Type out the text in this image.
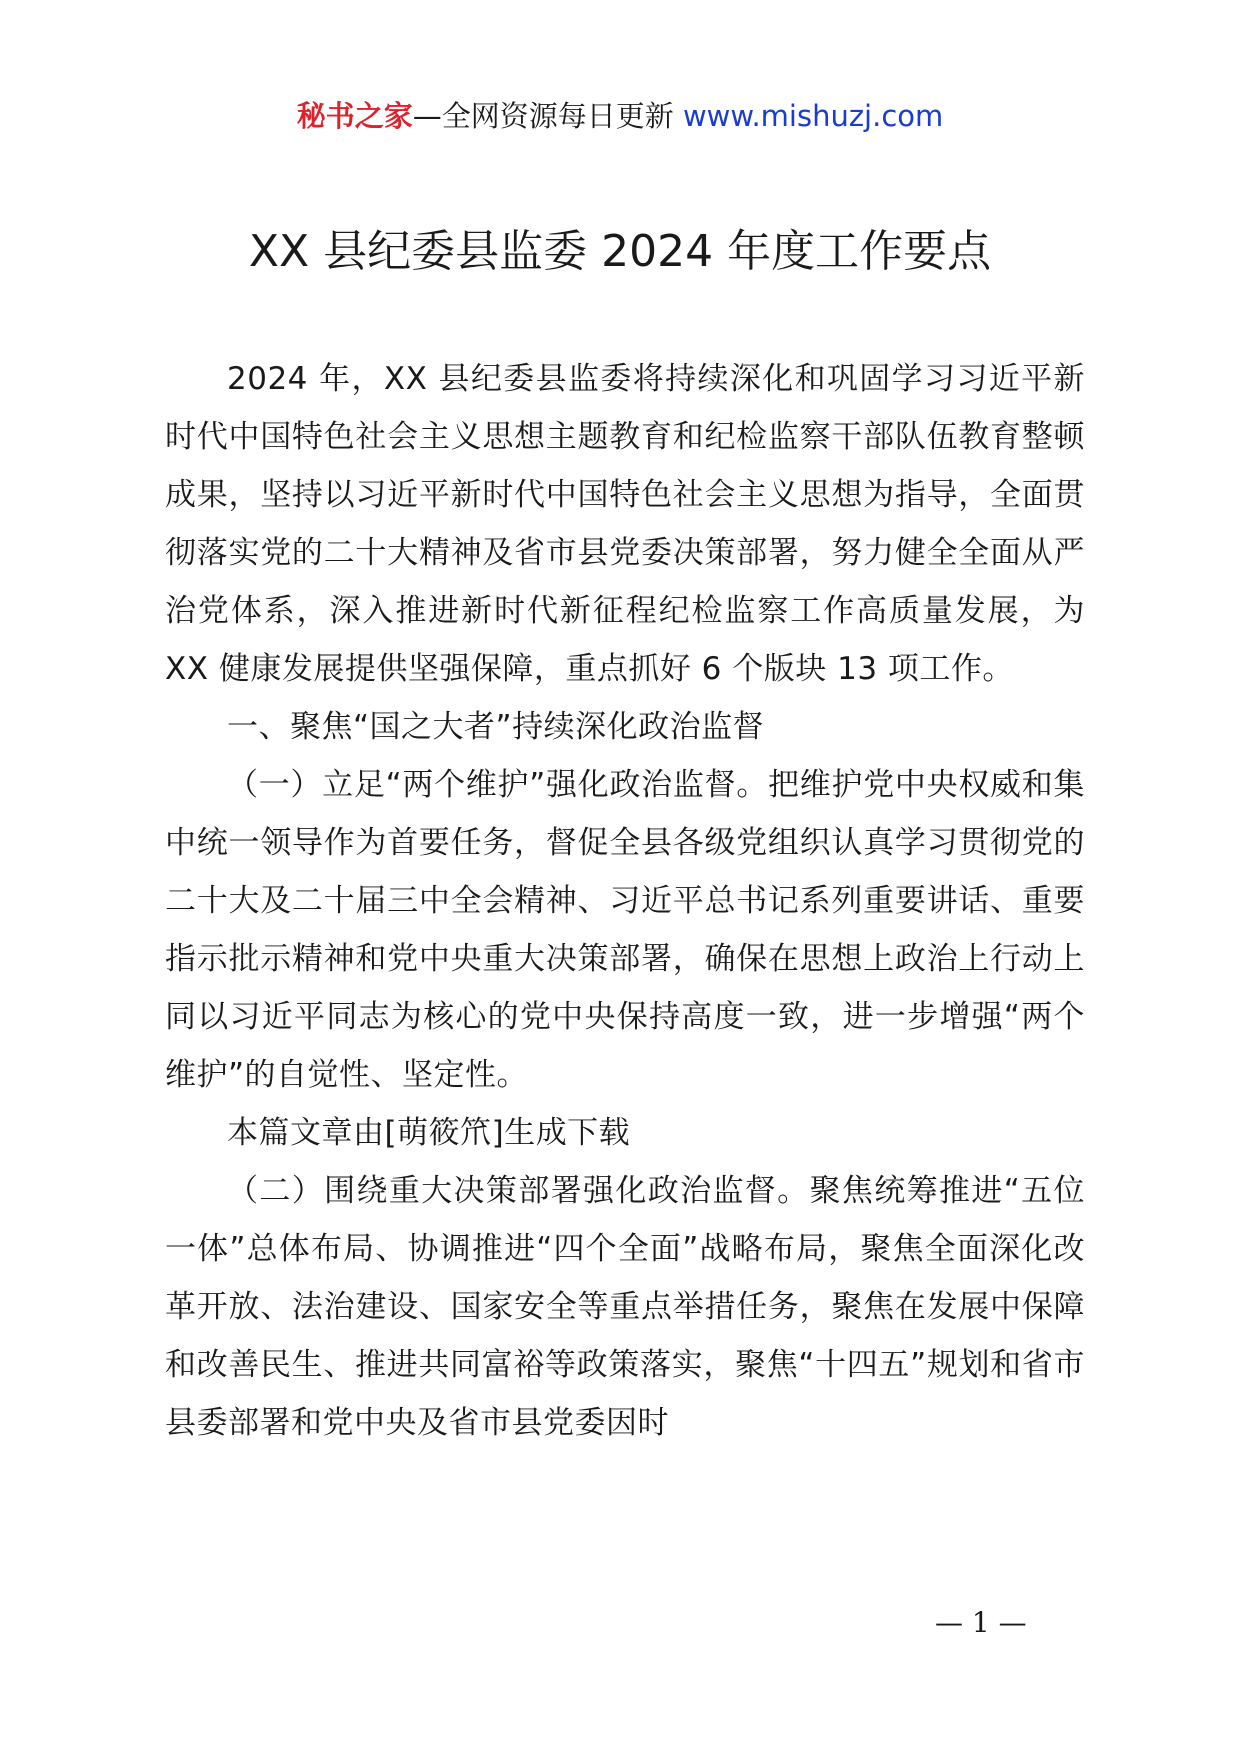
秘书之家—全网资源每日更新 www.mishuzj.com
XX 县纪委县监委 2024 年度工作要点

2024 年，XX 县纪委县监委将持续深化和巩固学习习近平新时代中国特色社会主义思想主题教育和纪检监察干部队伍教育整顿成果，坚持以习近平新时代中国特色社会主义思想为指导，全面贯彻落实党的二十大精神及省市县党委决策部署，努力健全全面从严治党体系，深入推进新时代新征程纪检监察工作高质量发展，为 XX 健康发展提供坚强保障，重点抓好 6 个版块 13 项工作。

一、聚焦“国之大者”持续深化政治监督

（一）立足“两个维护”强化政治监督。把维护党中央权威和集中统一领导作为首要任务，督促全县各级党组织认真学习贯彻党的二十大及二十届三中全会精神、习近平总书记系列重要讲话、重要指示批示精神和党中央重大决策部署，确保在思想上政治上行动上同以习近平同志为核心的党中央保持高度一致，进一步增强“两个维护”的自觉性、坚定性。

本篇文章由[萌筱笊]生成下载

（二）围绕重大决策部署强化政治监督。聚焦统筹推进“五位一体”总体布局、协调推进“四个全面”战略布局，聚焦全面深化改革开放、法治建设、国家安全等重点举措任务，聚焦在发展中保障和改善民生、推进共同富裕等政策落实，聚焦“十四五”规划和省市县委部署和党中央及省市县党委因时

— 1 —
